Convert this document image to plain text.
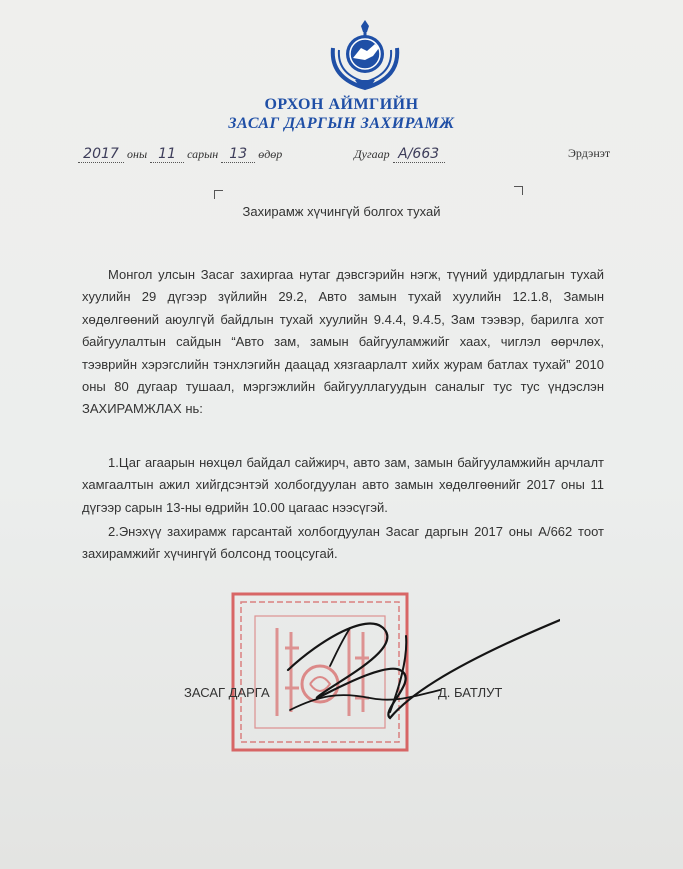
ОРХОН АЙМГИЙН
ЗАСАГ ДАРГЫН ЗАХИРАМЖ
2017 оны 11 сарын 13 өдөр	Дугаар А/663	Эрдэнэт
Захирамж хүчингүй болгох тухай
Монгол улсын Засаг захиргаа нутаг дэвсгэрийн нэгж, түүний удирдлагын тухай хуулийн 29 дүгээр зүйлийн 29.2, Авто замын тухай хуулийн 12.1.8, Замын хөдөлгөөний аюулгүй байдлын тухай хуулийн 9.4.4, 9.4.5, Зам тээвэр, барилга хот байгуулалтын сайдын “Авто зам, замын байгууламжийг хаах, чиглэл өөрчлөх, тээврийн хэрэгслийн тэнхлэгийн даацад хязгаарлалт хийх журам батлах тухай” 2010 оны 80 дугаар тушаал, мэргэжлийн байгууллагуудын саналыг тус тус үндэслэн ЗАХИРАМЖЛАХ нь:
1.Цаг агаарын нөхцөл байдал сайжирч, авто зам, замын байгууламжийн арчлалт хамгаалтын ажил хийгдсэнтэй холбогдуулан авто замын хөдөлгөөнийг 2017 оны 11 дүгээр сарын 13-ны өдрийн 10.00 цагаас нээсүгэй.
2.Энэхүү захирамж гарсантай холбогдуулан Засаг даргын 2017 оны А/662 тоот захирамжийг хүчингүй болсонд тооцсугай.
ЗАСАГ ДАРГА	Д. БАТЛУТ
